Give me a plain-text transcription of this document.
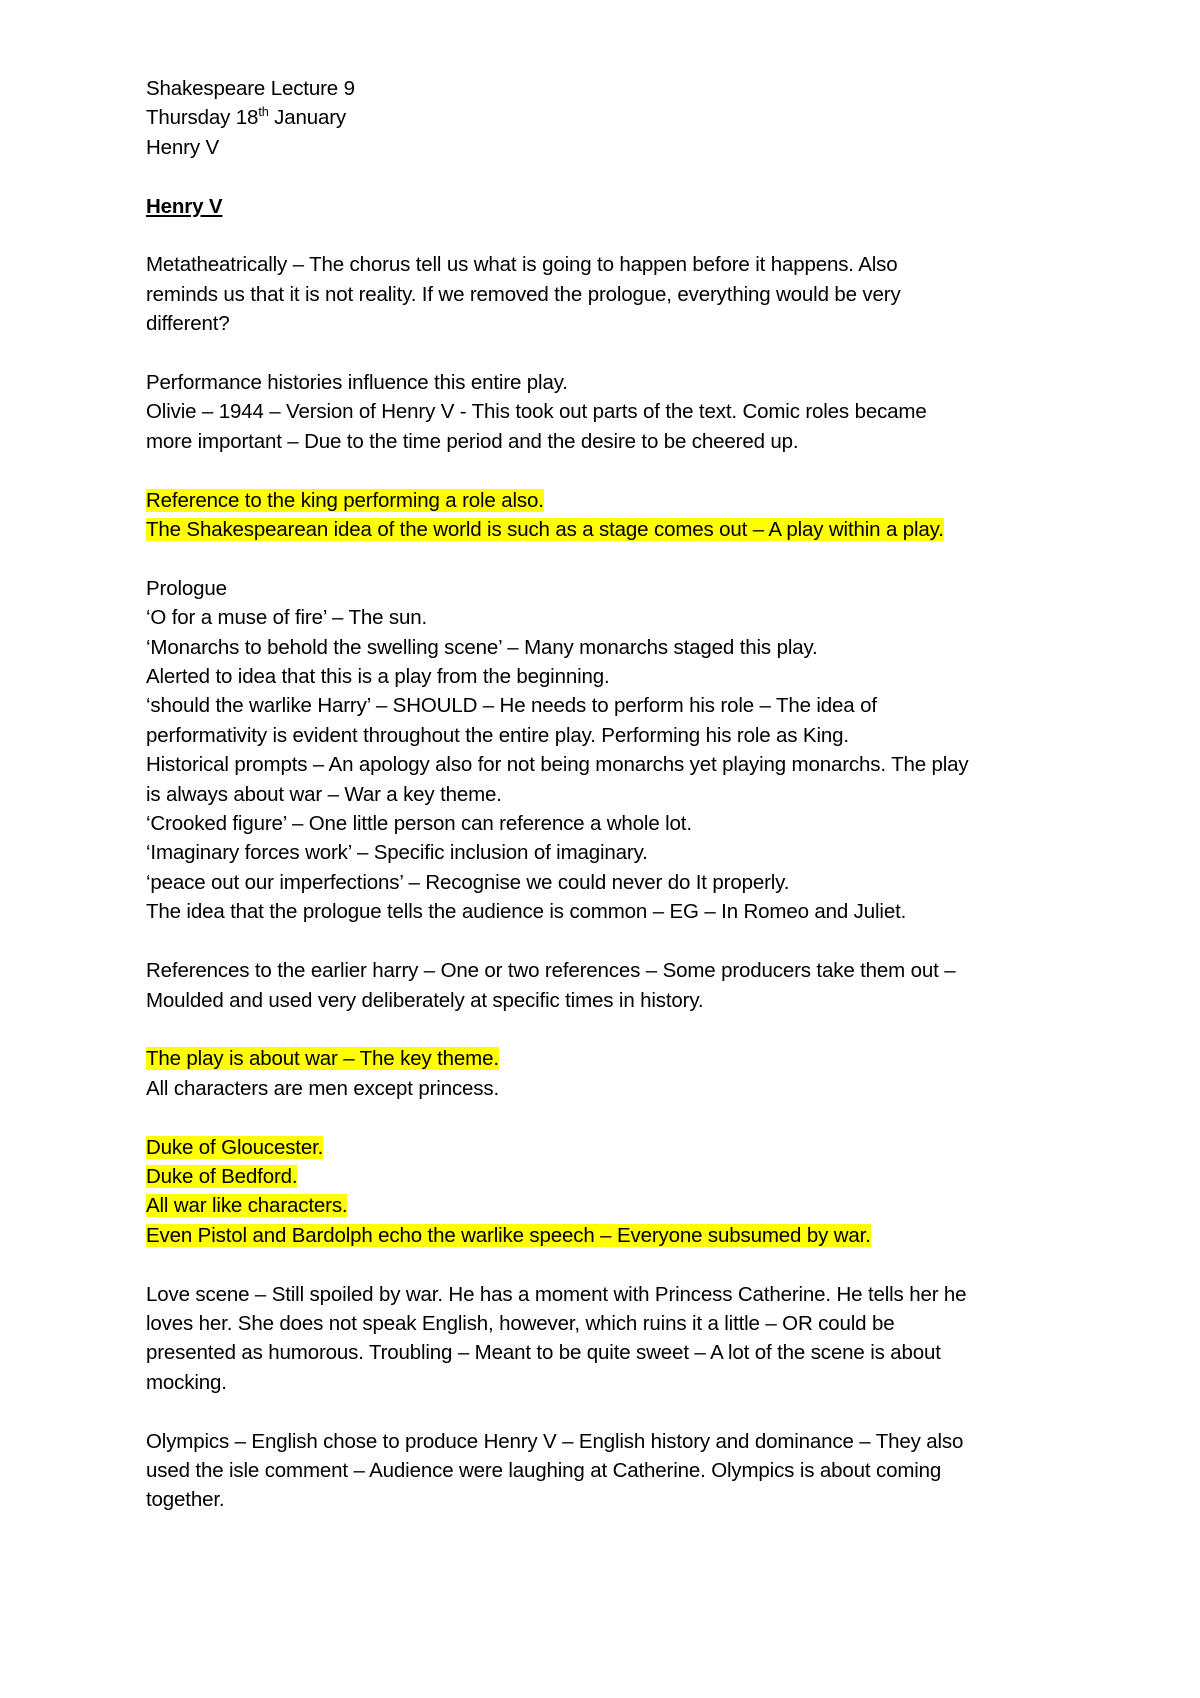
Shakespeare Lecture 9

Thursday 18th January

Henry V

Henry V

Metatheatrically – The chorus tell us what is going to happen before it happens. Also

reminds us that it is not reality. If we removed the prologue, everything would be very

different?

Performance histories influence this entire play.

Olivie – 1944 – Version of Henry V - This took out parts of the text. Comic roles became

more important – Due to the time period and the desire to be cheered up.

Reference to the king performing a role also.

The Shakespearean idea of the world is such as a stage comes out – A play within a play.

Prologue

‘O for a muse of fire’ – The sun.

‘Monarchs to behold the swelling scene’ – Many monarchs staged this play.

Alerted to idea that this is a play from the beginning.

‘should the warlike Harry’ – SHOULD – He needs to perform his role – The idea of

performativity is evident throughout the entire play. Performing his role as King.

Historical prompts – An apology also for not being monarchs yet playing monarchs. The play

is always about war – War a key theme.

‘Crooked figure’ – One little person can reference a whole lot.

‘Imaginary forces work’ – Specific inclusion of imaginary.

‘peace out our imperfections’ – Recognise we could never do It properly.

The idea that the prologue tells the audience is common – EG – In Romeo and Juliet.

References to the earlier harry – One or two references – Some producers take them out –

Moulded and used very deliberately at specific times in history.

The play is about war – The key theme.

All characters are men except princess.

Duke of Gloucester.

Duke of Bedford.

All war like characters.

Even Pistol and Bardolph echo the warlike speech – Everyone subsumed by war.

Love scene – Still spoiled by war. He has a moment with Princess Catherine. He tells her he

loves her. She does not speak English, however, which ruins it a little – OR could be

presented as humorous. Troubling – Meant to be quite sweet – A lot of the scene is about

mocking.

Olympics – English chose to produce Henry V – English history and dominance – They also

used the isle comment – Audience were laughing at Catherine. Olympics is about coming

together.
